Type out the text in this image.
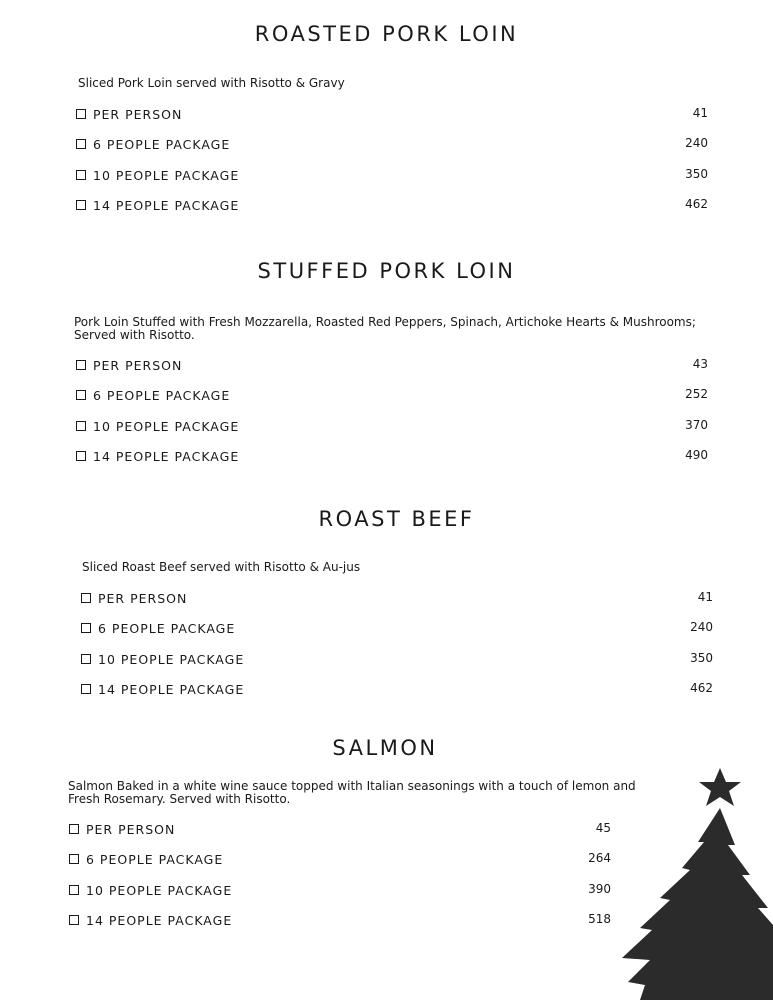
ROASTED PORK LOIN
Sliced Pork Loin served with Risotto & Gravy
PER PERSON	41
6 PEOPLE PACKAGE	240
10 PEOPLE PACKAGE	350
14 PEOPLE PACKAGE	462
STUFFED PORK LOIN
Pork Loin Stuffed with Fresh Mozzarella, Roasted Red Peppers, Spinach, Artichoke Hearts & Mushrooms;
Served with Risotto.
PER PERSON	43
6 PEOPLE PACKAGE	252
10 PEOPLE PACKAGE	370
14 PEOPLE PACKAGE	490
ROAST BEEF
Sliced Roast Beef served with Risotto & Au-jus
PER PERSON	41
6 PEOPLE PACKAGE	240
10 PEOPLE PACKAGE	350
14 PEOPLE PACKAGE	462
SALMON
Salmon Baked in a white wine sauce topped with Italian seasonings with a touch of lemon and
Fresh Rosemary. Served with Risotto.
PER PERSON	45
6 PEOPLE PACKAGE	264
10 PEOPLE PACKAGE	390
14 PEOPLE PACKAGE	518
